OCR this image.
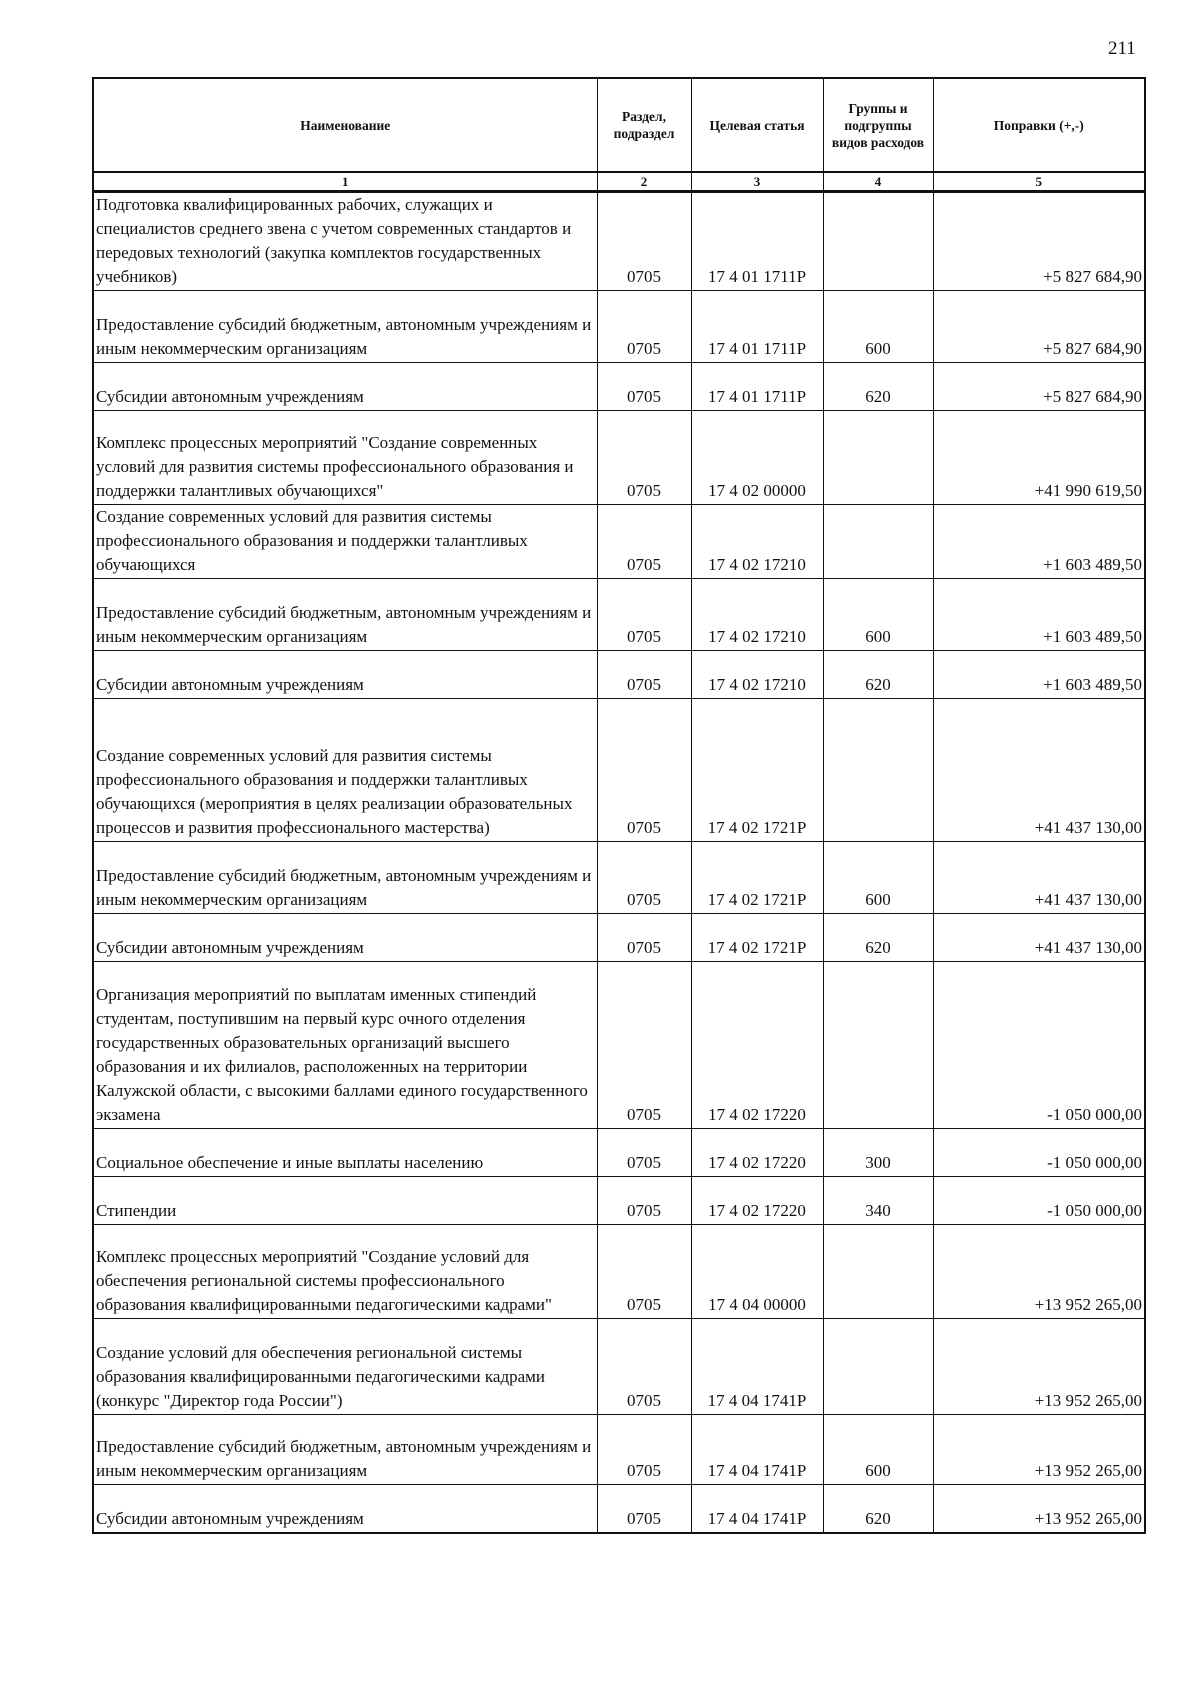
211
Наименование	Раздел, подраздел	Целевая статья	Группы и подгруппы видов расходов	Поправки (+,-)
1	2	3	4	5
Подготовка квалифицированных рабочих, служащих и специалистов среднего звена с учетом современных стандартов и передовых технологий (закупка комплектов государственных учебников)	0705	17 4 01 1711Р		+5 827 684,90
Предоставление субсидий бюджетным, автономным учреждениям и иным некоммерческим организациям	0705	17 4 01 1711Р	600	+5 827 684,90
Субсидии автономным учреждениям	0705	17 4 01 1711Р	620	+5 827 684,90
Комплекс процессных мероприятий "Создание современных условий для развития системы профессионального образования и поддержки талантливых обучающихся"	0705	17 4 02 00000		+41 990 619,50
Создание современных условий для развития системы профессионального образования и поддержки талантливых обучающихся	0705	17 4 02 17210		+1 603 489,50
Предоставление субсидий бюджетным, автономным учреждениям и иным некоммерческим организациям	0705	17 4 02 17210	600	+1 603 489,50
Субсидии автономным учреждениям	0705	17 4 02 17210	620	+1 603 489,50
Создание современных условий для развития системы профессионального образования и поддержки талантливых обучающихся (мероприятия в целях реализации образовательных процессов и развития профессионального мастерства)	0705	17 4 02 1721Р		+41 437 130,00
Предоставление субсидий бюджетным, автономным учреждениям и иным некоммерческим организациям	0705	17 4 02 1721Р	600	+41 437 130,00
Субсидии автономным учреждениям	0705	17 4 02 1721Р	620	+41 437 130,00
Организация мероприятий по выплатам именных стипендий студентам, поступившим на первый курс очного отделения государственных образовательных организаций высшего образования и их филиалов, расположенных на территории Калужской области, с высокими баллами единого государственного экзамена	0705	17 4 02 17220		-1 050 000,00
Социальное обеспечение и иные выплаты населению	0705	17 4 02 17220	300	-1 050 000,00
Стипендии	0705	17 4 02 17220	340	-1 050 000,00
Комплекс процессных мероприятий "Создание условий для обеспечения региональной системы профессионального образования квалифицированными педагогическими кадрами"	0705	17 4 04 00000		+13 952 265,00
Создание условий для обеспечения региональной системы образования квалифицированными педагогическими кадрами (конкурс "Директор года России")	0705	17 4 04 1741Р		+13 952 265,00
Предоставление субсидий бюджетным, автономным учреждениям и иным некоммерческим организациям	0705	17 4 04 1741Р	600	+13 952 265,00
Субсидии автономным учреждениям	0705	17 4 04 1741Р	620	+13 952 265,00
